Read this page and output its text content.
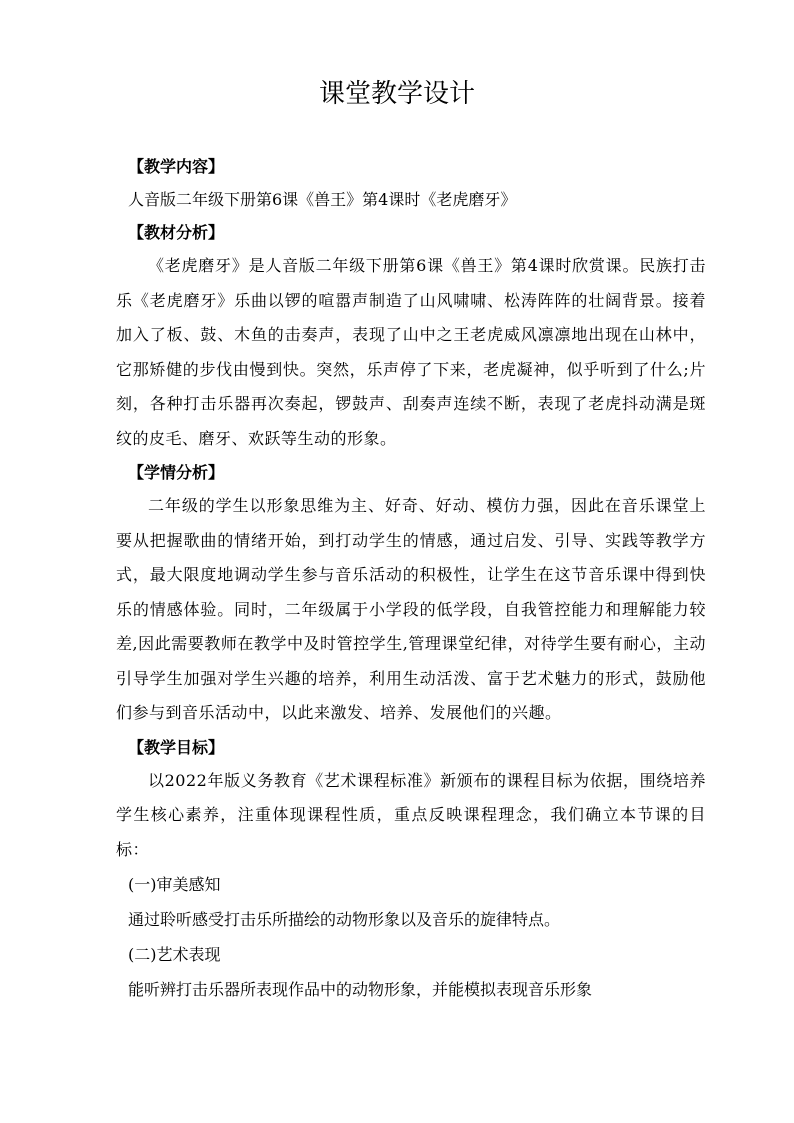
课堂教学设计

【教学内容】

人音版二年级下册第6课《兽王》第4课时《老虎磨牙》

【教材分析】

《老虎磨牙》是人音版二年级下册第6课《兽王》第4课时欣赏课。民族打击乐《老虎磨牙》乐曲以锣的喧嚣声制造了山风啸啸、松涛阵阵的壮阔背景。接着加入了板、鼓、木鱼的击奏声，表现了山中之王老虎威风凛凛地出现在山林中，它那矫健的步伐由慢到快。突然，乐声停了下来，老虎凝神，似乎听到了什么;片刻，各种打击乐器再次奏起，锣鼓声、刮奏声连续不断，表现了老虎抖动满是斑纹的皮毛、磨牙、欢跃等生动的形象。

【学情分析】

二年级的学生以形象思维为主、好奇、好动、模仿力强，因此在音乐课堂上要从把握歌曲的情绪开始，到打动学生的情感，通过启发、引导、实践等教学方式，最大限度地调动学生参与音乐活动的积极性，让学生在这节音乐课中得到快乐的情感体验。同时，二年级属于小学段的低学段，自我管控能力和理解能力较差,因此需要教师在教学中及时管控学生,管理课堂纪律，对待学生要有耐心，主动引导学生加强对学生兴趣的培养，利用生动活泼、富于艺术魅力的形式，鼓励他们参与到音乐活动中，以此来激发、培养、发展他们的兴趣。

【教学目标】

以2022年版义务教育《艺术课程标准》新颁布的课程目标为依据，围绕培养学生核心素养，注重体现课程性质，重点反映课程理念，我们确立本节课的目标：

(一)审美感知

通过聆听感受打击乐所描绘的动物形象以及音乐的旋律特点。

(二)艺术表现

能听辨打击乐器所表现作品中的动物形象，并能模拟表现音乐形象
